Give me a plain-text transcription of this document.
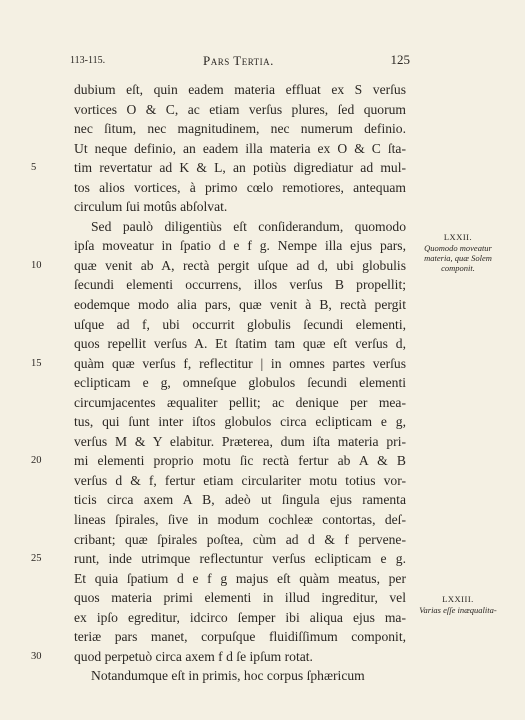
113-115.	Pars Tertia.	125
dubium eſt, quin eadem materia effluat ex S verſus
vortices O & C, ac etiam verſus plures, ſed quorum
nec ſitum, nec magnitudinem, nec numerum definio.
Ut neque definio, an eadem illa materia ex O & C ſta-
tim revertatur ad K & L, an potiùs digrediatur ad mul-
5
tos alios vortices, à primo cœlo remotiores, antequam
circulum ſui motûs abſolvat.
Sed paulò diligentiùs eſt conſiderandum, quomodo
ipſa moveatur in ſpatio d e f g. Nempe illa ejus pars,
quæ venit ab A, rectà pergit uſque ad d, ubi globulis
10
ſecundi elementi occurrens, illos verſus B propellit;
eodemque modo alia pars, quæ venit à B, rectà pergit
uſque ad f, ubi occurrit globulis ſecundi elementi,
quos repellit verſus A. Et ſtatim tam quæ eſt verſus d,
quàm quæ verſus f, reflectitur | in omnes partes verſus
15
eclipticam e g, omneſque globulos ſecundi elementi
circumjacentes æqualiter pellit; ac denique per mea-
tus, qui ſunt inter iſtos globulos circa eclipticam e g,
verſus M & Y elabitur. Præterea, dum iſta materia pri-
mi elementi proprio motu ſic rectà fertur ab A & B
20
verſus d & f, fertur etiam circulariter motu totius vor-
ticis circa axem A B, adeò ut ſingula ejus ramenta
lineas ſpirales, ſive in modum cochleæ contortas, deſ-
cribant; quæ ſpirales poſtea, cùm ad d & f pervene-
runt, inde utrimque reflectuntur verſus eclipticam e g.
25
Et quia ſpatium d e f g majus eſt quàm meatus, per
quos materia primi elementi in illud ingreditur, vel
ex ipſo egreditur, idcirco ſemper ibi aliqua ejus ma-
teriæ pars manet, corpuſque fluidiſſimum componit,
quod perpetuò circa axem f d ſe ipſum rotat.
30
Notandumque eſt in primis, hoc corpus ſphæricum
LXXII.
Quomodo moveatur materia, quæ Solem componit.
LXXIII.
Varias eſſe inæqualita-
